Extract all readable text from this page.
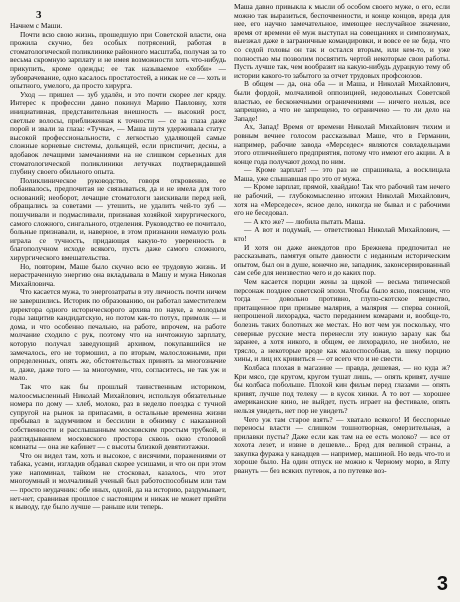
3

Начнем с Маши.

Почти всю свою жизнь, прошедшую при Советской власти, она прожила скучно, без особых потрясений, работая в стоматологической поликлинике районного масштаба, получая за то весьма скромную зарплату и не имея возможности хоть что-нибудь прикупить, кроме одежды; ее так называемое «хобби» — зубоврачевание, одно касалось простатостей, а никак не се — хоть и опытного, умелого, да просто хирурга.

Уход — пришел — зуб удалён, и это почти скорее лег кряду. Интерес к профессии давно покинул Марию Павловну, хотя инициативная, представительная внешность — высокий рост, светлые волосы, приближенная к точности — се за глаза даже порой и звали за глаза: «Тучка», — Маша шутя удерживала статус высокой профессиональности, с легкостью удаляющей самые сложные корневые системы, дольящей, если приспичит, десны, а вдобавок лечащими замечаниями на не слишком серьезных для стоматологической поликлиники летучках подтверждавшей глубину своего обильного опыта.

Поликлиническое руководство, говоря откровенно, ее побаивалось, предпочитая не связываться, да и не имела для того оснований; необорот, лечащие стоматологи заискивали перед ней, обращались за советами — утешить, не удалить чей-то зуб — пошучивали и подмасливали, признавая хозяйкой хирургического, самого сложного, сингального, отделения. Руководство ее почитало, больные признавали, и, наверное, в этом признании немалую роль играла се тучность, придающая какую-то уверенность в благополучном исходе всякого, пусть даже самого сложного, хирургического вмешательства.

Но, повторим, Маше было скучно всю ее трудовую жизнь. И нерастраченную энергию она вкладывала в Машу и мужа Николая Михайловича.

Что касается мужа, то энергозатраты в эту личность почти ничем не завершились. Историк по образованию, он работал заместителем директора одного историческорого архива по науке, а молодым годы защитив кандидатскую, но потом как-то потух, примолк — и дома, и что особенно печально, на работе, впрочем, на работе молчание сходило с рук, поэтому что на ничтожную зарплату, которую получал заведующий архивом, покупавшийся не замечалось, его не тормошил, а по вторым, малосложными, при определенных, опять же, обстоятельствах принять за многозначие и, даже, даже того — за многоумие, что, согласитесь, не так уж и мало.

Так что как бы прошлый таинственным историком, малоосмысленный Николай Михайлович, используя обязательные номера по дому — хлеб, молоко, раз в неделю поездка с тучной супругой на рынок за припасами, в остальные временна жизни пребывал в задумчивом и бессилии в обнимку с наказанной собственности и расслышанным московским простым трубкой, и разглядыванием московского простора сквозь окно столовой комнаты — она же кабинет — с высоты близкой девятиэтажки.

Что он видел там, хоть и высокое, с висячими, поражениями от табака, усами, изгладив обдавал скорее усишами, и что он при этом уже напоминал, тайком не стосковал, казалось, что этот многоумный и молчаливый ученый был работоспособным или там — просто неудачник: обе иных, одной, да на историю, раздумывает, нет-нет, сравнивая прошлое с настоящим и никак не может прийти к выводу, где было лучше — раньше или теперь.

Маша давно привыкла к мысли об особом своего муже, о его, если можно так выразиться, беспочвенности, и конце концов, вреда для нее, его научно замечательное, имеющее неслучайное значение, время от времени её муж выступал на совещаниях и симпозиумах, выезжал даже в заграничные командировки, и вовсе ее не беда, что со седой головы он так и остался вторым, или кем-то, и уже полностью мы позволим посвятить чертой некоторые свои работы. Пусть лучше так, чем вообразит на какую-нибудь дурацкую тему об истории какого-то забытого за отчет трудовых профсоюзов.

В общем — да, она оба — и Маша, и Николай Михайлович, были фордой, молчаливой оппозицией, недовольных Советской властью, ее бесконечными ограничениями — ничего нельзя, все запрещено, а что не запрещено, то ограничено — то ли дело на Западе!

Ах, Запад! Время от времени Николай Михайлович тихим и ровным вечнее голосом рассказывал Маше, что в Германии, например, рабочие завода «Мерседес» являются совладельцами этого отличнейшего предприятия, потому что имеют его акции. А в конце года получают доход по ним.

— Кроме зарплат! — это раз не спрашивала, а восклицала Маша, уже слышавшая про это от мужа.

— Кроме зарплат, прямой, хвайдаю! Так что рабочий там нечего не рабочий, — глубокомысленно итожил Николай Михайлович, хотя на «Мерседесе», ясное дело, никогда не бывал и с рабочими его не беседовал.

— А кто же? — любила пытать Маша.

— А вот и подумай, — ответствовал Николай Михайлович, — кто!

И хотя он даже анекдотов про Брежнева предпочитал не рассказывать, памятуя опыте давности с неданным историческим опытом, был он в душе, конечно же, западник, законсервированный сам себе для неизвестно чего и до каких пор.

Чем касается порции жены за щекой — весьма типической персонаж позднее советской эпохи. Чтобы было ясно, поясним, что тогда — довольно противно, глупо-скотское вещество, притащенное при призыве малярия, а малярия — сперва сонной, непрошеной лихорадка, часто переданием комарами и, вообще-то, болезнь таких болотных же местах. Но вот чем уж поскольку, что северные русские места перенесли эту южную заразу как бы заранее, а хотя никого, в общем, ее лихорадило, не знобило, не трясло, а некоторые вроде как малоспособная, за шеку порцию хины, и лиц их кривиться — от всего что и не свести.

Колбаса плохая в магазине — правда, дешевая, — но куда ж? Кри мясо, где кругом, кругом тушат лишь, — опять кривят, лучше бы колбаса побольше. Плохой кин фильм перед глазами — опять кривят, лучше под телеку — в кусок хинки. А то вот — хорошее американские кино, не выйдет, пусть играет на фестивале, опять нельзя увидеть, нет пор не увидеть?

Чего уж там старое взять? — хватало всякого! И бесспорные переносы власти — слишком тошнотворная, омерзительная, а прилавки пусты? Даже если как там на ее есть молоко? — все от хохота лезет, и извне в дешевле... Бред для великой страны, а закупка фуража у канадцев — например, машиной. Но ведь что-то и хороше было. На один отпуск не можно к Черному морю, в Ялту рвануть — без всяких путевок, а по путевке воз-

3
